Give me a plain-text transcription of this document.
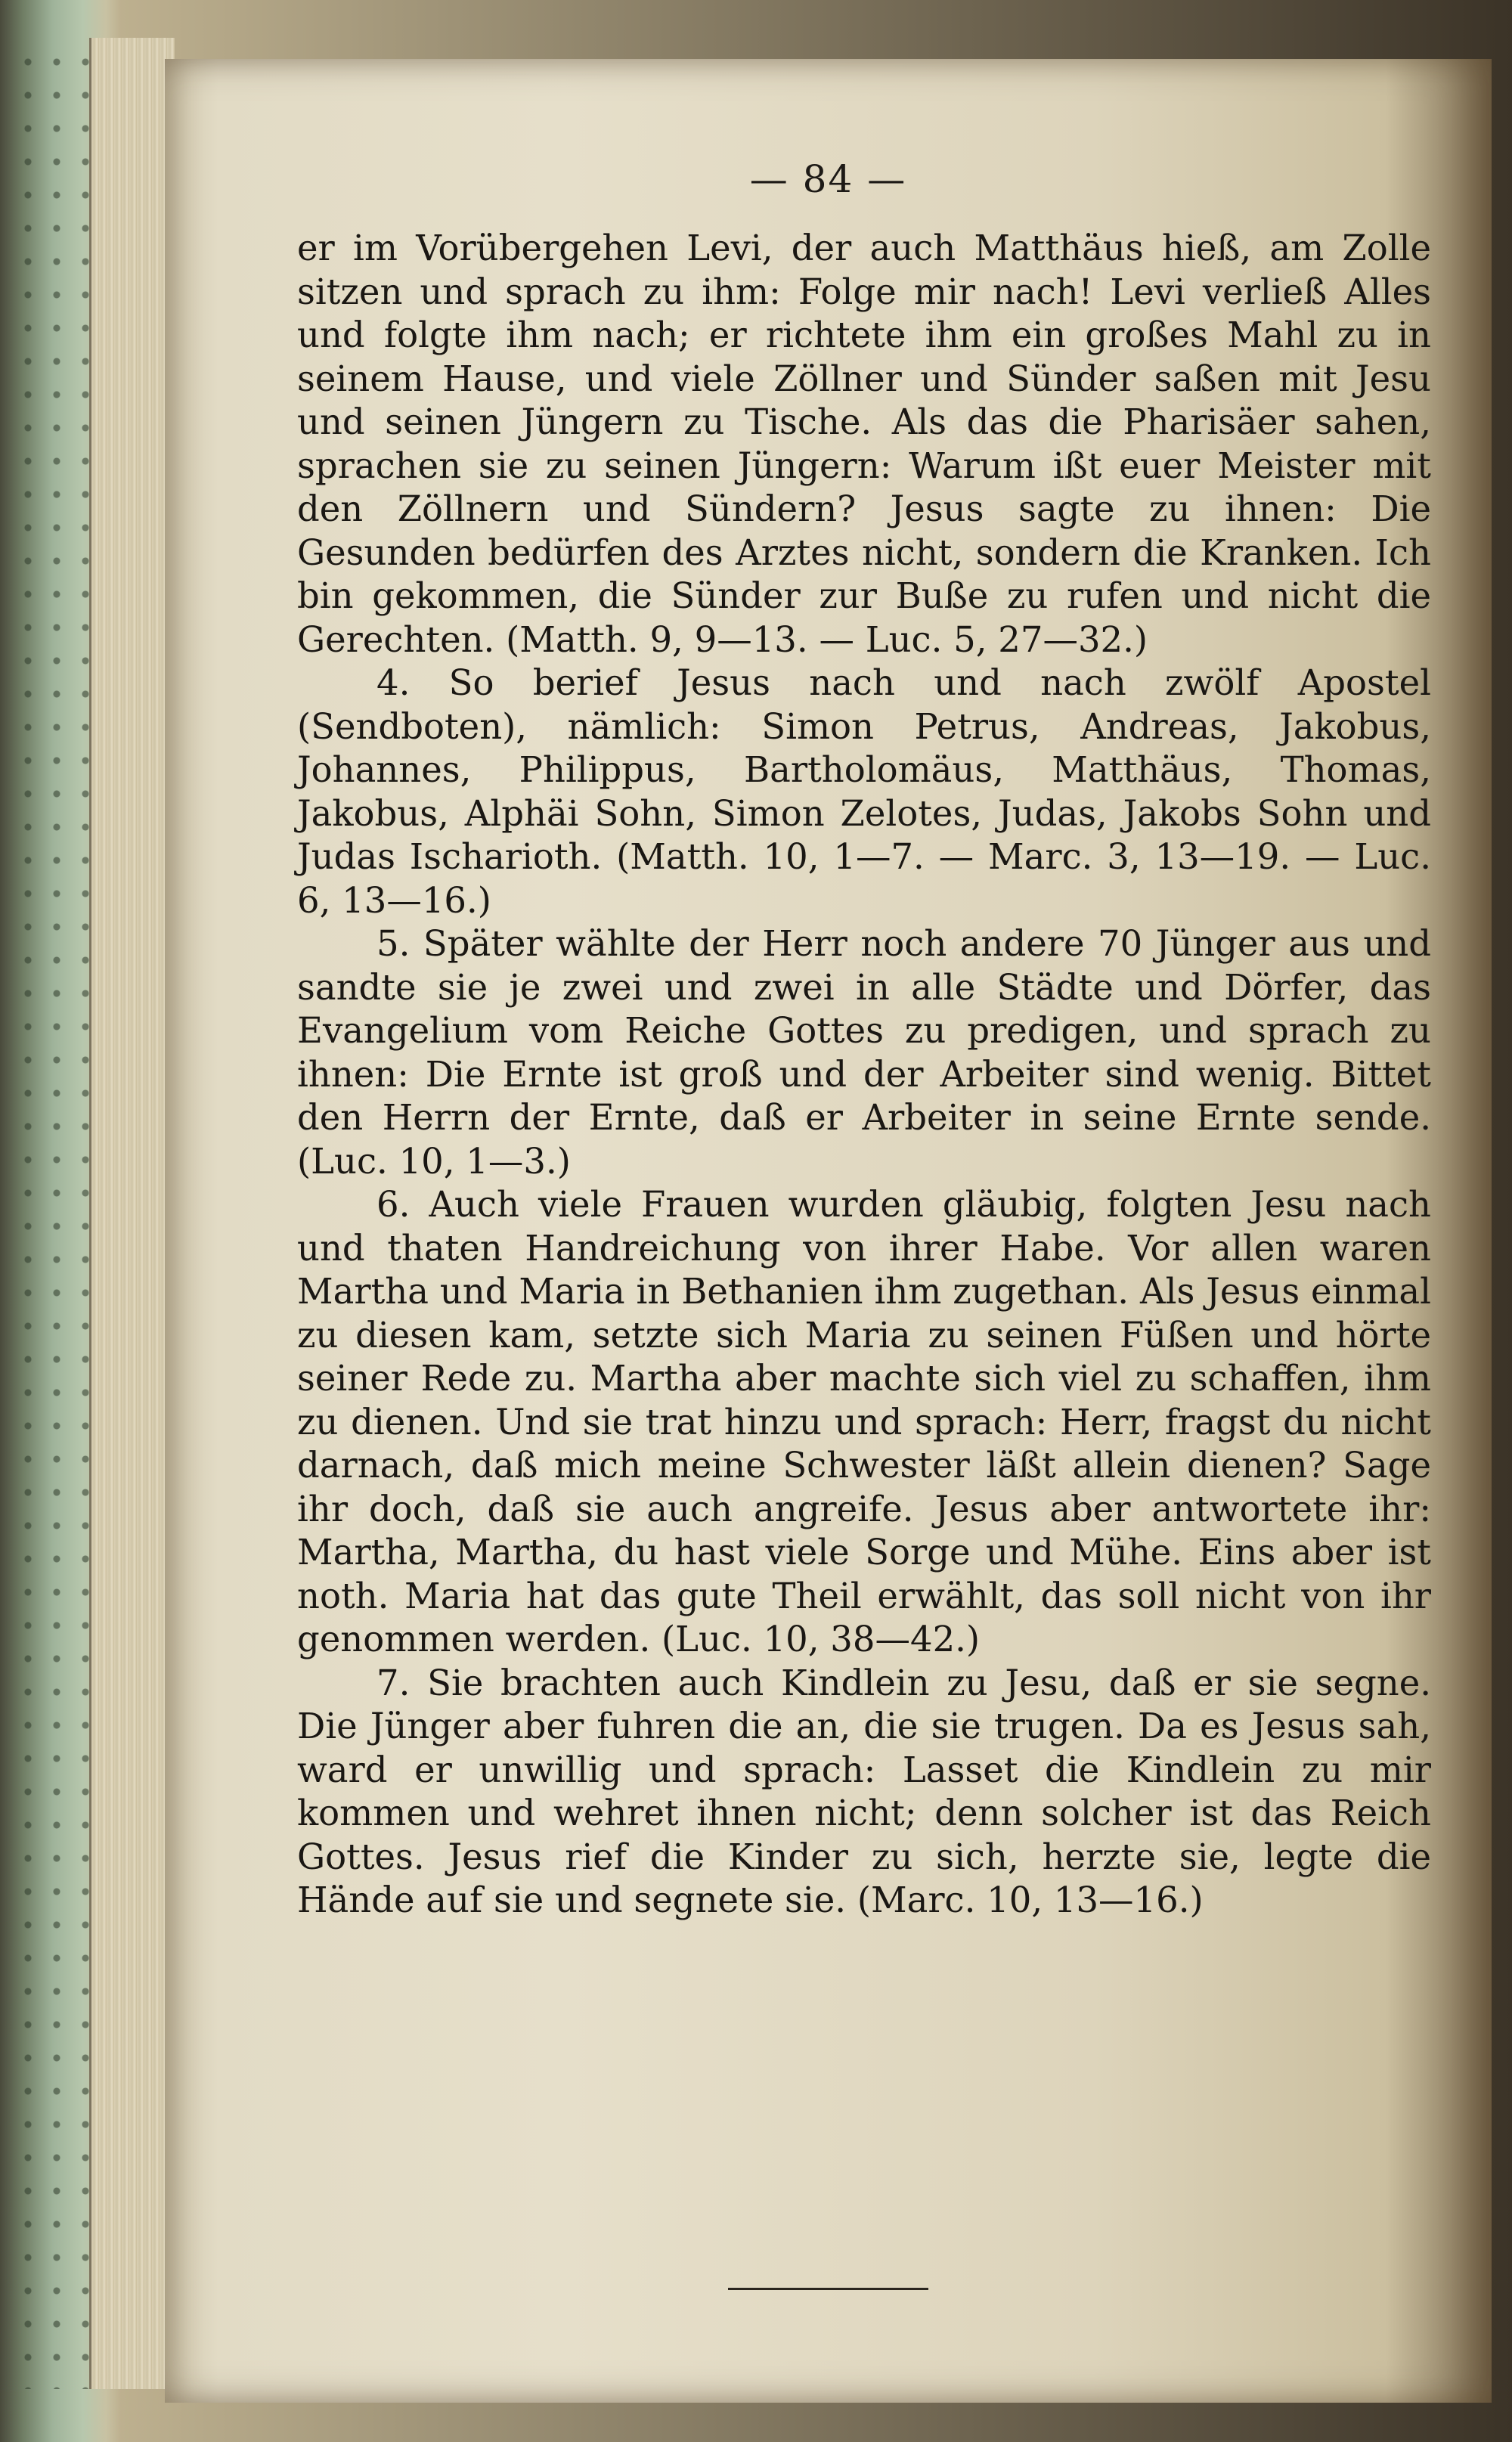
— 84 —

er im Vorübergehen Levi, der auch Matthäus hieß, am Zolle sitzen und sprach zu ihm: Folge mir nach! Levi verließ Alles und folgte ihm nach; er richtete ihm ein großes Mahl zu in seinem Hause, und viele Zöllner und Sünder saßen mit Jesu und seinen Jüngern zu Tische. Als das die Pharisäer sahen, sprachen sie zu seinen Jüngern: Warum ißt euer Meister mit den Zöllnern und Sündern? Jesus sagte zu ihnen: Die Gesunden bedürfen des Arztes nicht, sondern die Kranken. Ich bin gekommen, die Sünder zur Buße zu rufen und nicht die Gerechten. (Matth. 9, 9—13. — Luc. 5, 27—32.)

4. So berief Jesus nach und nach zwölf Apostel (Sendboten), nämlich: Simon Petrus, Andreas, Jakobus, Johannes, Philippus, Bartholomäus, Matthäus, Thomas, Jakobus, Alphäi Sohn, Simon Zelotes, Judas, Jakobs Sohn und Judas Ischarioth. (Matth. 10, 1—7. — Marc. 3, 13—19. — Luc. 6, 13—16.)

5. Später wählte der Herr noch andere 70 Jünger aus und sandte sie je zwei und zwei in alle Städte und Dörfer, das Evangelium vom Reiche Gottes zu predigen, und sprach zu ihnen: Die Ernte ist groß und der Arbeiter sind wenig. Bittet den Herrn der Ernte, daß er Arbeiter in seine Ernte sende. (Luc. 10, 1—3.)

6. Auch viele Frauen wurden gläubig, folgten Jesu nach und thaten Handreichung von ihrer Habe. Vor allen waren Martha und Maria in Bethanien ihm zugethan. Als Jesus einmal zu diesen kam, setzte sich Maria zu seinen Füßen und hörte seiner Rede zu. Martha aber machte sich viel zu schaffen, ihm zu dienen. Und sie trat hinzu und sprach: Herr, fragst du nicht darnach, daß mich meine Schwester läßt allein dienen? Sage ihr doch, daß sie auch angreife. Jesus aber antwortete ihr: Martha, Martha, du hast viele Sorge und Mühe. Eins aber ist noth. Maria hat das gute Theil erwählt, das soll nicht von ihr genommen werden. (Luc. 10, 38—42.)

7. Sie brachten auch Kindlein zu Jesu, daß er sie segne. Die Jünger aber fuhren die an, die sie trugen. Da es Jesus sah, ward er unwillig und sprach: Lasset die Kindlein zu mir kommen und wehret ihnen nicht; denn solcher ist das Reich Gottes. Jesus rief die Kinder zu sich, herzte sie, legte die Hände auf sie und segnete sie. (Marc. 10, 13—16.)
